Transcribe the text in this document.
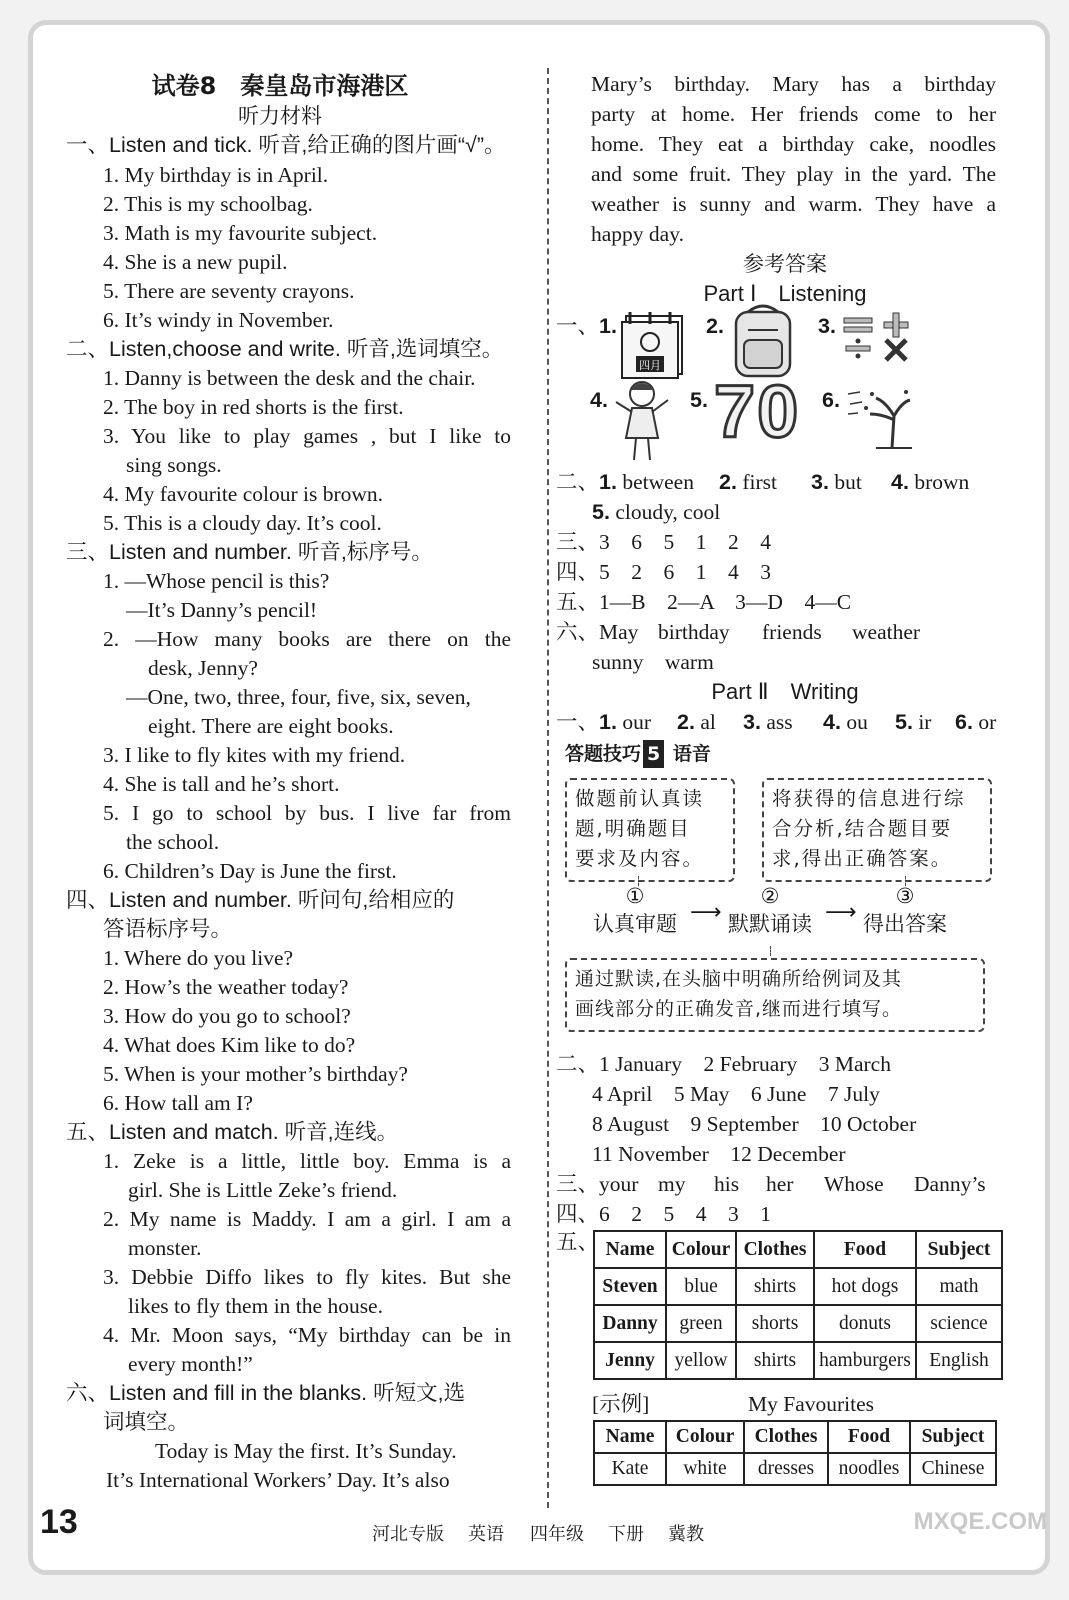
试卷8　秦皇岛市海港区
听力材料
一、Listen and tick. 听音,给正确的图片画“√”。
1. My birthday is in April.
2. This is my schoolbag.
3. Math is my favourite subject.
4. She is a new pupil.
5. There are seventy crayons.
6. It’s windy in November.
二、Listen,choose and write. 听音,选词填空。
1. Danny is between the desk and the chair.
2. The boy in red shorts is the first.
3. You like to play games , but I like to
sing songs.
4. My favourite colour is brown.
5. This is a cloudy day. It’s cool.
三、Listen and number. 听音,标序号。
1. —Whose pencil is this?
—It’s Danny’s pencil!
2. —How many books are there on the
desk, Jenny?
—One, two, three, four, five, six, seven,
eight. There are eight books.
3. I like to fly kites with my friend.
4. She is tall and he’s short.
5. I go to school by bus. I live far from
the school.
6. Children’s Day is June the first.
四、Listen and number. 听问句,给相应的
答语标序号。
1. Where do you live?
2. How’s the weather today?
3. How do you go to school?
4. What does Kim like to do?
5. When is your mother’s birthday?
6. How tall am I?
五、Listen and match. 听音,连线。
1. Zeke is a little, little boy. Emma is a
girl. She is Little Zeke’s friend.
2. My name is Maddy. I am a girl. I am a
monster.
3. Debbie Diffo likes to fly kites. But she
likes to fly them in the house.
4. Mr. Moon says, “My birthday can be in
every month!”
六、Listen and fill in the blanks. 听短文,选
词填空。
Today is May the first. It’s Sunday.
It’s International Workers’ Day. It’s also
Mary’s birthday. Mary has a birthday
party at home. Her friends come to her
home. They eat a birthday cake, noodles
and some fruit. They play in the yard. The
weather is sunny and warm. They have a
happy day.
参考答案
Part Ⅰ　Listening
一、1.
四月
2.	3.
4.	5. 70 6.
二、1. between 2. first 3. but 4. brown
5. cloudy, cool
三、3　6　5　1　2　4
四、5　2　6　1　4　3
五、1—B　2—A　3—D　4—C
六、May birthday friends weather
sunny　warm
Part Ⅱ　Writing
一、1. our 2. al 3. ass 4. ou 5. ir 6. or
答题技巧 5 语音
做题前认真读
题,明确题目
要求及内容。
将获得的信息进行综
合分析,结合题目要
求,得出正确答案。
①
认真审题 ⟶
②
默默诵读 ⟶
③
得出答案
通过默读,在头脑中明确所给例词及其
画线部分的正确发音,继而进行填写。
二、1 January　2 February　3 March
4 April　5 May　6 June　7 July
8 August　9 September　10 October
11 November　12 December
三、your my his her Whose Danny’s
四、6　2　5　4　3　1
五、 Name	Colour	Clothes	Food	Subject
Steven	blue	shirts	hot dogs	math
Danny	green	shorts	donuts	science
Jenny	yellow	shirts	hamburgers	English
[示例]	My Favourites
Name	Colour	Clothes	Food	Subject
Kate	white	dresses	noodles	Chinese
13	河北专版 英语 四年级 下册 冀教	MXQE.COM
